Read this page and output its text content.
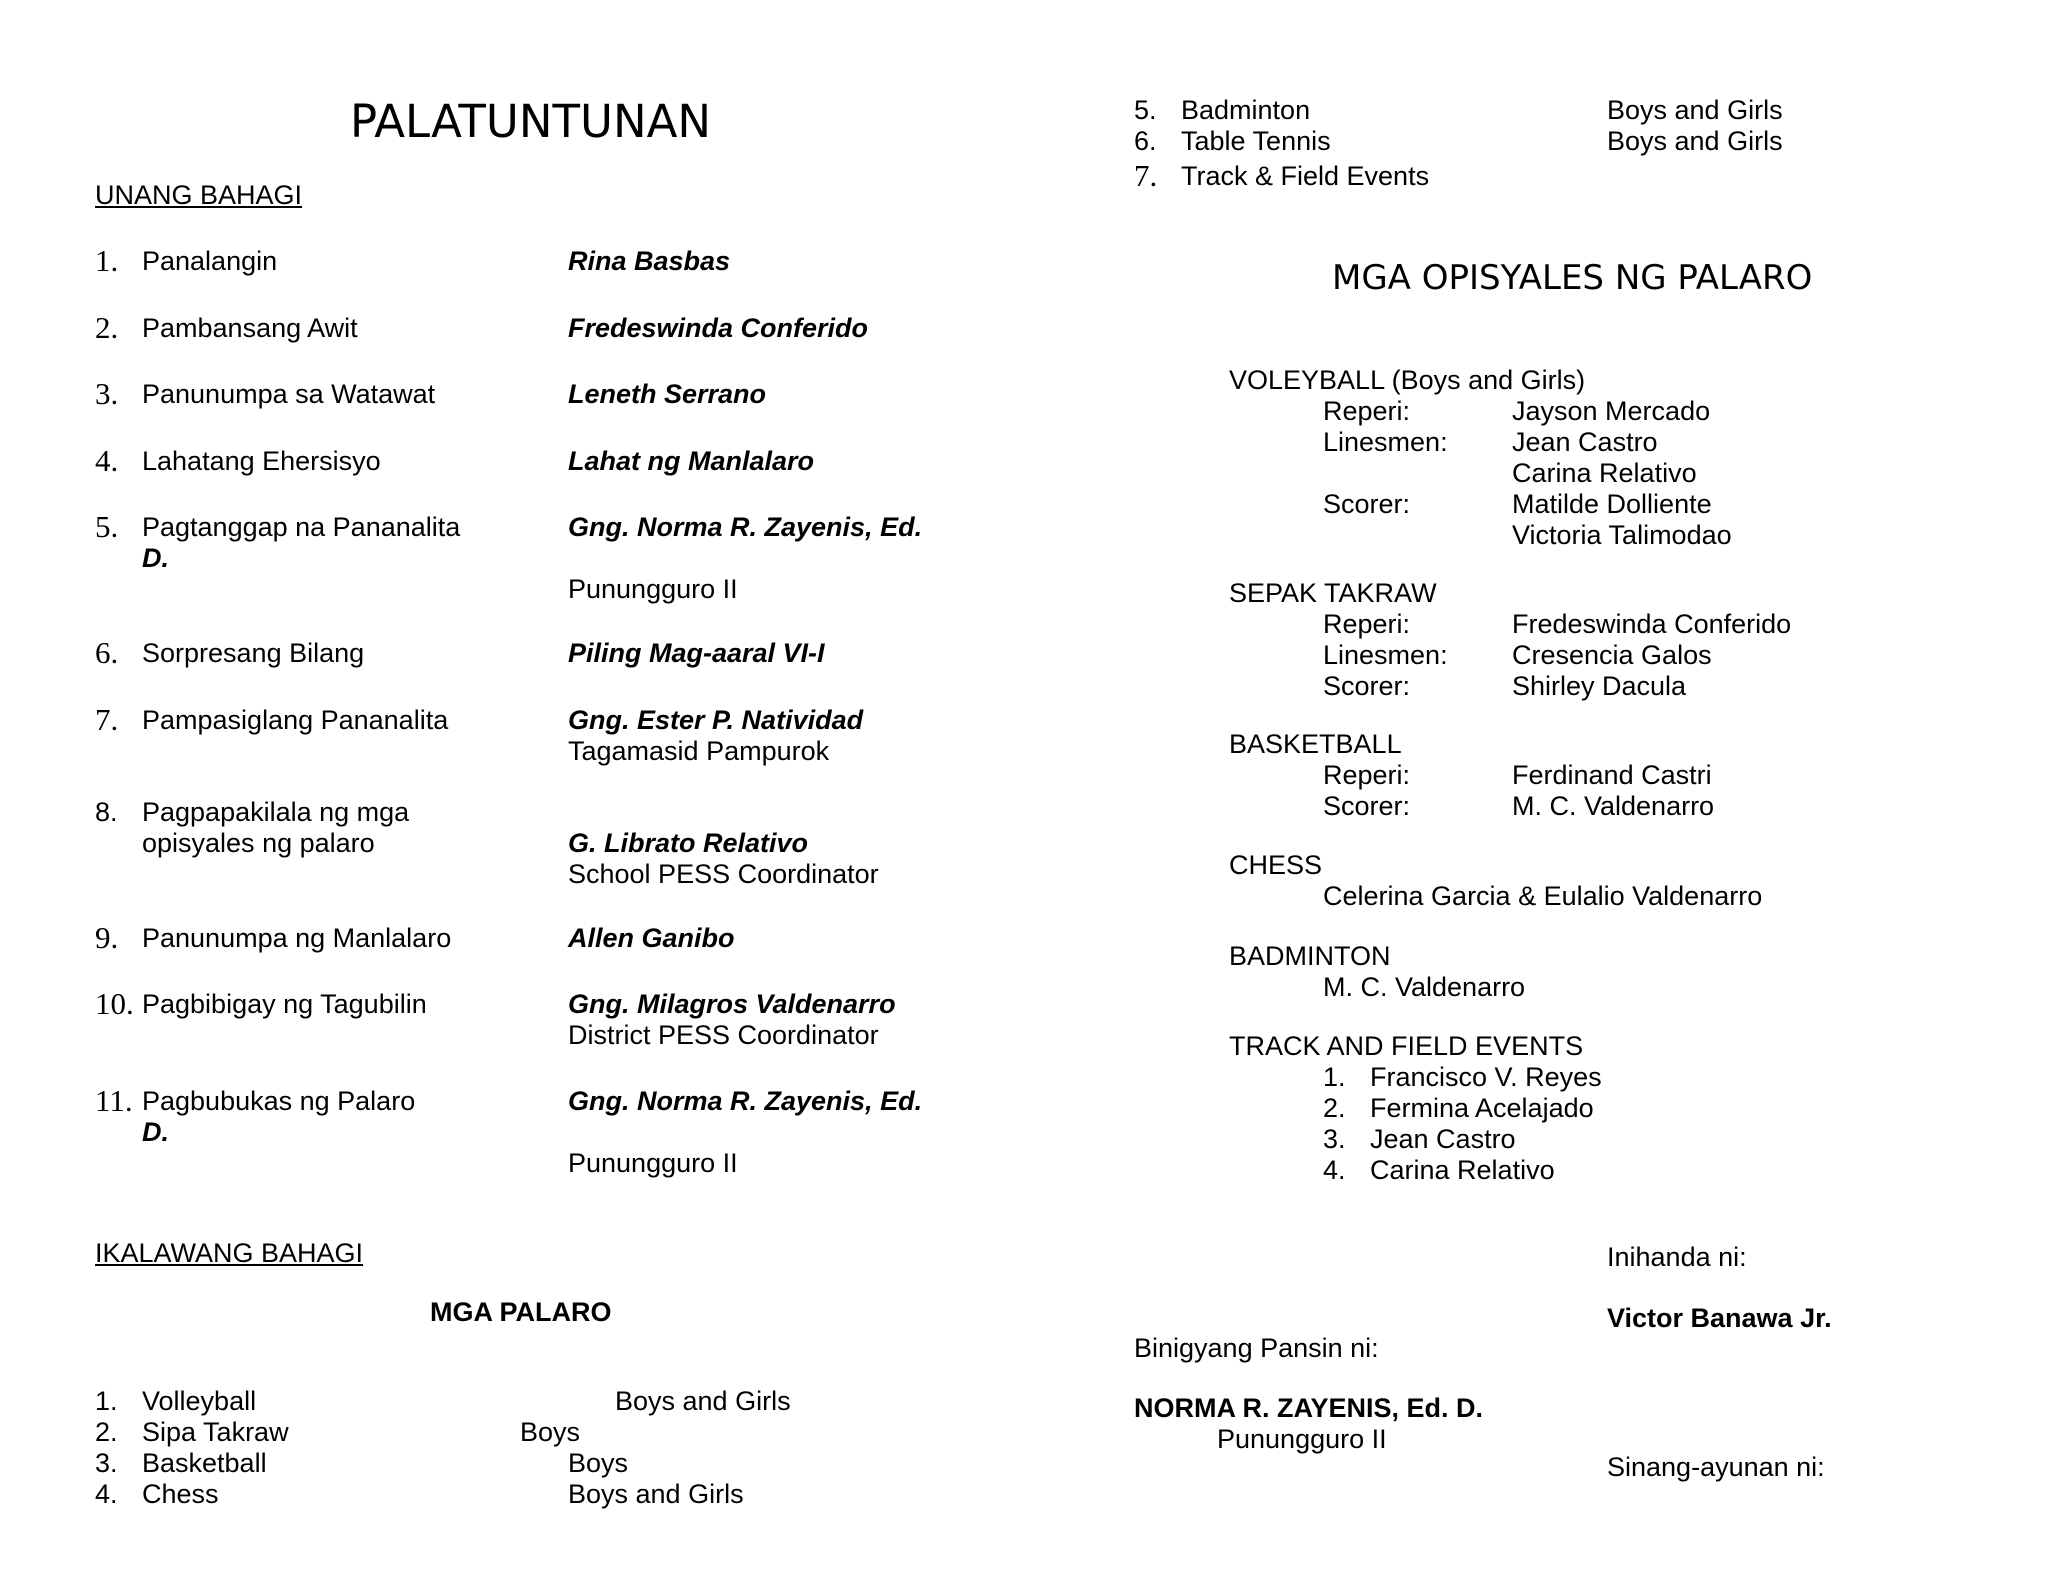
PALATUNTUNAN
UNANG BAHAGI
1. Panalangin	Rina Basbas
2. Pambansang Awit	Fredeswinda Conferido
3. Panunumpa sa Watawat	Leneth Serrano
4. Lahatang Ehersisyo	Lahat ng Manlalaro
5. Pagtanggap na Pananalita	Gng. Norma R. Zayenis, Ed.
D.
Punungguro II
6. Sorpresang Bilang	Piling Mag-aaral VI-I
7. Pampasiglang Pananalita	Gng. Ester P. Natividad
Tagamasid Pampurok
8. Pagpapakilala ng mga
opisyales ng palaro	G. Librato Relativo
School PESS Coordinator
9. Panunumpa ng Manlalaro	Allen Ganibo
10. Pagbibigay ng Tagubilin	Gng. Milagros Valdenarro
District PESS Coordinator
11. Pagbubukas ng Palaro	Gng. Norma R. Zayenis, Ed.
D.
Punungguro II
IKALAWANG BAHAGI
MGA PALARO
1. Volleyball	Boys and Girls
2. Sipa Takraw	Boys
3. Basketball	Boys
4. Chess	Boys and Girls
5. Badminton	Boys and Girls
6. Table Tennis	Boys and Girls
7. Track & Field Events
MGA OPISYALES NG PALARO
VOLEYBALL (Boys and Girls)
Reperi:	Jayson Mercado
Linesmen: Jean Castro
Carina Relativo
Scorer:	Matilde Dolliente
Victoria Talimodao
SEPAK TAKRAW
Reperi:	Fredeswinda Conferido
Linesmen: Cresencia Galos
Scorer:	Shirley Dacula
BASKETBALL
Reperi:	Ferdinand Castri
Scorer:	M. C. Valdenarro
CHESS
Celerina Garcia & Eulalio Valdenarro
BADMINTON
M. C. Valdenarro
TRACK AND FIELD EVENTS
1. Francisco V. Reyes
2. Fermina Acelajado
3. Jean Castro
4. Carina Relativo
Inihanda ni:
Victor Banawa Jr.
Binigyang Pansin ni:
NORMA R. ZAYENIS, Ed. D.
Punungguro II
Sinang-ayunan ni:
